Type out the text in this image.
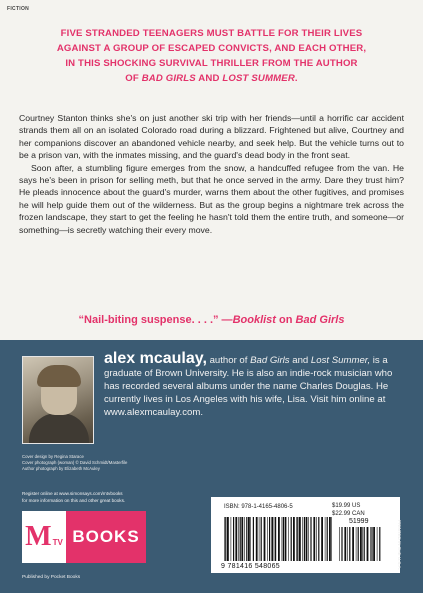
FICTION
FIVE STRANDED TEENAGERS MUST BATTLE FOR THEIR LIVES
AGAINST A GROUP OF ESCAPED CONVICTS, AND EACH OTHER,
IN THIS SHOCKING SURVIVAL THRILLER FROM THE AUTHOR
OF BAD GIRLS AND LOST SUMMER.

Courtney Stanton thinks she's on just another ski trip with her friends—until a horrific car accident strands them all on an isolated Colorado road during a blizzard. Frightened but alive, Courtney and her companions discover an abandoned vehicle nearby, and seek help. But the vehicle turns out to be a prison van, with the inmates missing, and the guard's dead body in the front seat.

Soon after, a stumbling figure emerges from the snow, a handcuffed refugee from the van. He says he's been in prison for selling meth, but that he once served in the army. Dare they trust him? He pleads innocence about the guard's murder, warns them about the other fugitives, and promises he will help guide them out of the wilderness. But as the group begins a nightmare trek across the frozen landscape, they start to get the feeling he hasn't told them the entire truth, and someone—or something—is secretly watching their every move.

“Nail-biting suspense. . . .” —Booklist on Bad Girls
alex mcaulay, author of Bad Girls and Lost Summer, is a graduate of Brown University. He is also an indie-rock musician who has recorded several albums under the name Charles Douglas. He currently lives in Los Angeles with his wife, Lisa. Visit him online at www.alexmcaulay.com.
Cover design by Regina Starace
Cover photograph (woman) © David Schmidt/Masterfile
Author photograph by Elizabeth McAuley
Register online at www.simonsays.com/mtvbooks
for more information on this and other great books.
M TV BOOKS
Published by Pocket Books
ISBN: 978-1-4165-4806-5	$19.99 US
$22.99 CAN
51999
9 781416 548065	PRINTED IN THE U.S.A.
